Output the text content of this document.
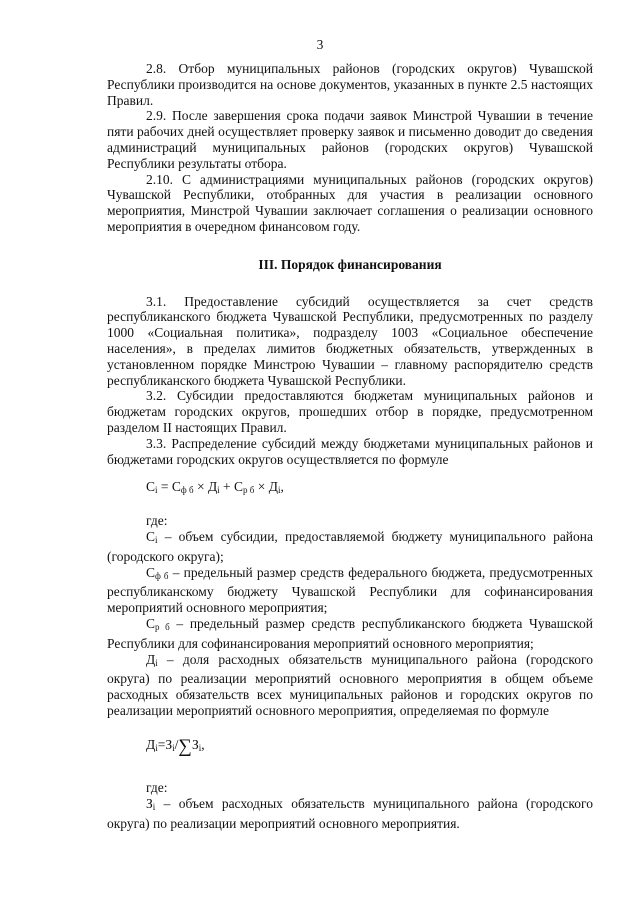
3

2.8. Отбор муниципальных районов (городских округов) Чувашской Республики производится на основе документов, указанных в пункте 2.5 настоящих Правил.

2.9. После завершения срока подачи заявок Минстрой Чувашии в течение пяти рабочих дней осуществляет проверку заявок и письменно доводит до сведения администраций муниципальных районов (городских округов) Чувашской Республики результаты отбора.

2.10. С администрациями муниципальных районов (городских округов) Чувашской Республики, отобранных для участия в реализации основного мероприятия, Минстрой Чувашии заключает соглашения о реализации основного мероприятия в очередном финансовом году.

III. Порядок финансирования

3.1. Предоставление субсидий осуществляется за счет средств республиканского бюджета Чувашской Республики, предусмотренных по разделу 1000 «Социальная политика», подразделу 1003 «Социальное обеспечение населения», в пределах лимитов бюджетных обязательств, утвержденных в установленном порядке Минстрою Чувашии – главному распорядителю средств республиканского бюджета Чувашской Республики.

3.2. Субсидии предоставляются бюджетам муниципальных районов и бюджетам городских округов, прошедших отбор в порядке, предусмотренном разделом II настоящих Правил.

3.3. Распределение субсидий между бюджетами муниципальных районов и бюджетами городских округов осуществляется по формуле

$C_i = C_{ф б} \times Д_i + C_{р б} \times Д_i$,

где:

$C_i$ – объем субсидии, предоставляемой бюджету муниципального района (городского округа);

$C_{ф б}$ – предельный размер средств федерального бюджета, предусмотренных республиканскому бюджету Чувашской Республики для софинансирования мероприятий основного мероприятия;

$C_{р б}$ – предельный размер средств республиканского бюджета Чувашской Республики для софинансирования мероприятий основного мероприятия;

$Д_i$ – доля расходных обязательств муниципального района (городского округа) по реализации мероприятий основного мероприятия в общем объеме расходных обязательств всех муниципальных районов и городских округов по реализации мероприятий основного мероприятия, определяемая по формуле

$Д_i=З_i/\sum З_i$,

где:

$З_i$ – объем расходных обязательств муниципального района (городского округа) по реализации мероприятий основного мероприятия.
